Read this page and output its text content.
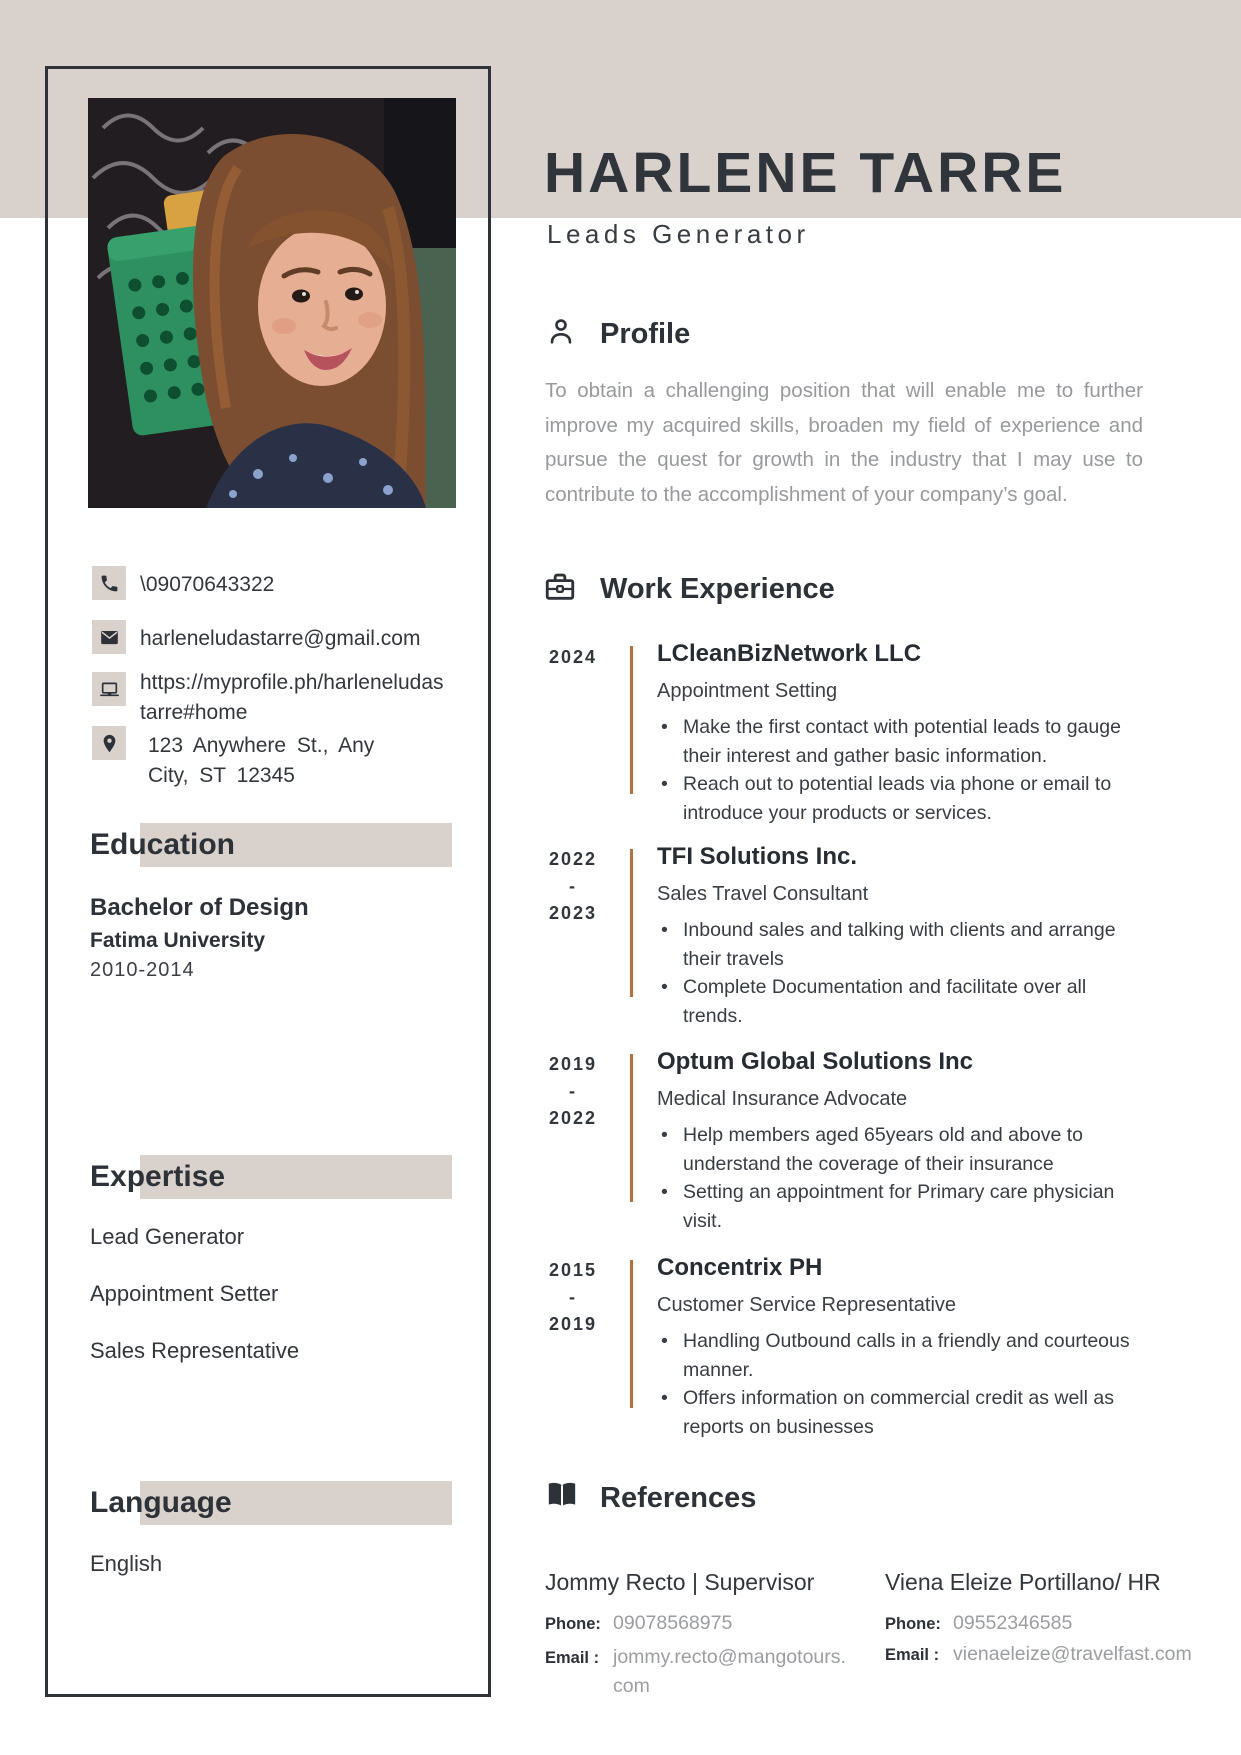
\09070643322
harleneludastarre@gmail.com
https://myprofile.ph/harleneludastarre#home
123 Anywhere St., Any City, ST 12345
Education
Bachelor of Design
Fatima University
2010-2014
Expertise
Lead Generator
Appointment Setter
Sales Representative
Language
English
HARLENE TARRE
Leads Generator
Profile
To obtain a challenging position that will enable me to further improve my acquired skills, broaden my field of experience and pursue the quest for growth in the industry that I may use to contribute to the accomplishment of your company’s goal.
Work Experience
2024	LCleanBizNetwork LLC
Appointment Setting
• Make the first contact with potential leads to gauge their interest and gather basic information.
• Reach out to potential leads via phone or email to introduce your products or services.
2022
-
2023
TFI Solutions Inc.
Sales Travel Consultant
• Inbound sales and talking with clients and arrange their travels
• Complete Documentation and facilitate over all trends.
2019
-
2022
Optum Global Solutions Inc
Medical Insurance Advocate
• Help members aged 65years old and above to understand the coverage of their insurance
• Setting an appointment for Primary care physician visit.
2015
-
2019
Concentrix PH
Customer Service Representative
• Handling Outbound calls in a friendly and courteous manner.
• Offers information on commercial credit as well as reports on businesses
References
Jommy Recto | Supervisor
Phone: 09078568975
Email : jommy.recto@mangotours.com
Viena Eleize Portillano/ HR
Phone: 09552346585
Email : vienaeleize@travelfast.com
